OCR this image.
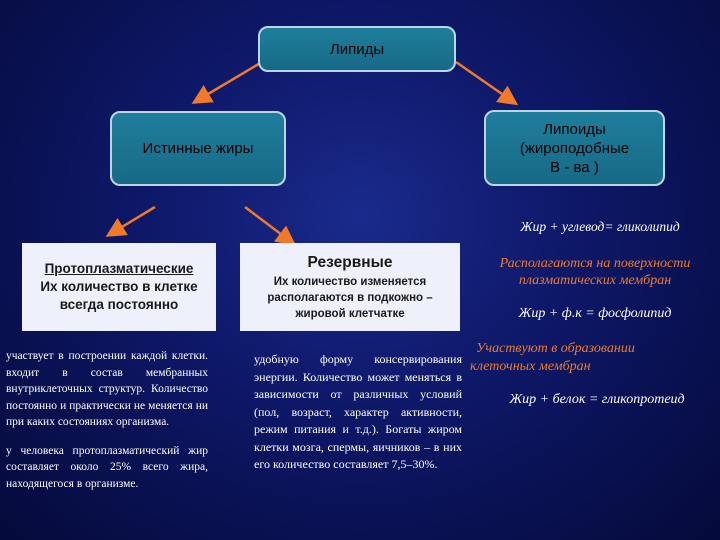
Липиды
Истинные жиры
Липоиды
(жироподобные
В - ва )
Протоплазматические
Их количество в клетке
всегда постоянно
Резервные
Их количество изменяется
располагаются в подкожно –
жировой клетчатке

участвует в построении каждой клетки. входит в состав мембранных внутриклеточных структур. Количество постоянно и практически не меняется ни при каких состояниях организма.

у человека протоплазматический жир составляет около 25% всего жира, находящегося в организме.

удобную форму консервирования энергии. Количество может меняться в зависимости от различных условий (пол, возраст, характер активности, режим питания и т.д.). Богаты жиром клетки мозга, спермы, яичников – в них его количество составляет 7,5–30%.

Жир + углевод= гликолипид
Располагаются на поверхности
плазматических мембран
Жир + ф.к = фосфолипид
Участвуют в образовании
клеточных мембран
Жир + белок = гликопротеид
